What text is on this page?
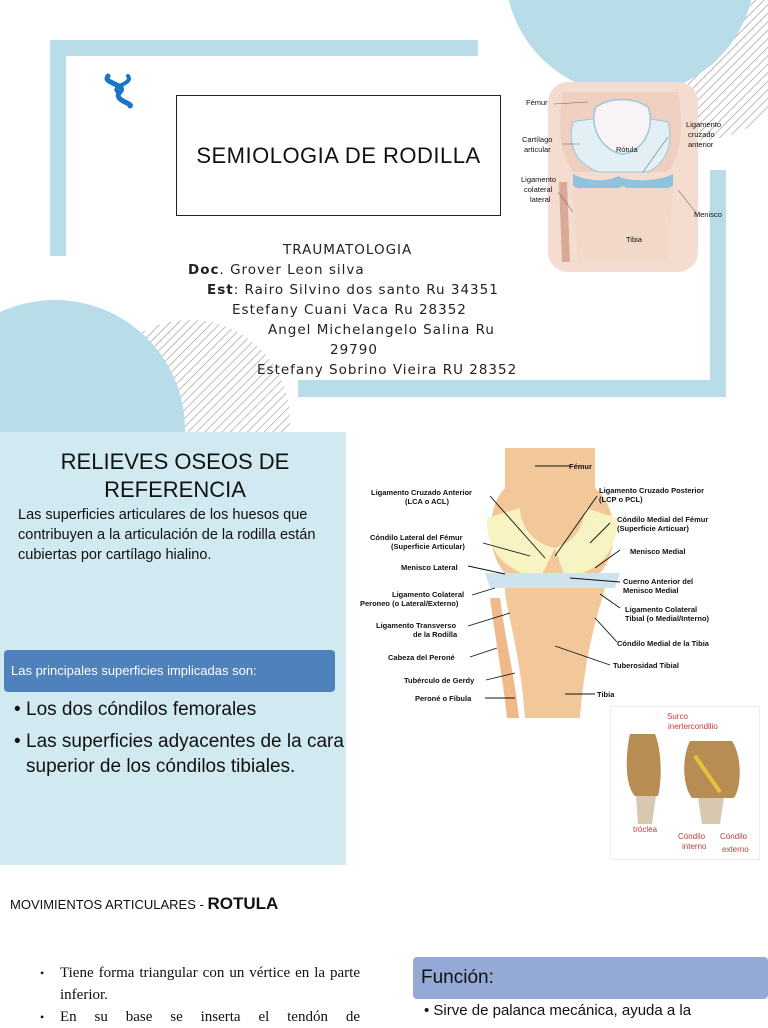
SEMIOLOGIA DE RODILLA
TRAUMATOLOGIA
Doc. Grover Leon silva
Est: Rairo Silvino dos santo Ru 34351
Estefany Cuani Vaca Ru 28352
Angel Michelangelo Salina Ru
29790
Estefany Sobrino Vieira RU 28352
Fémur
Cartílago
articular	Rótula
Ligamento
cruzado
anterior
Ligamento
colateral
lateral
Menisco
Tibia
RELIEVES OSEOS DE
REFERENCIA
Las superficies articulares de los huesos que contribuyen a la articulación de la rodilla están cubiertas por cartílago hialino.
Las principales superficies implicadas son:
• Los dos cóndilos femorales
• Las superficies adyacentes de la cara superior de los cóndilos tibiales.
Fémur
Ligamento Cruzado Anterior
(LCA o ACL)
Ligamento Cruzado Posterior
(LCP o PCL)
Cóndilo Medial del Fémur
(Superficie Articuar)
Cóndilo Lateral del Fémur
(Superficie Articular)
Menisco Medial
Menisco Lateral
Cuerno Anterior del
Menisco Medial
Ligamento Colateral
Peroneo (o Lateral/Externo)
Ligamento Colateral
Tibial (o Medial/Interno)
Ligamento Transverso
de la Rodilla
Cóndilo Medial de la Tibia
Cabeza del Peroné
Tuberosidad Tibial
Tubérculo de Gerdy
Tibia
Peroné o Fíbula
Surco
inertercondilio
tróclea
Cóndilo
interno
Cóndilo
externo
MOVIMIENTOS ARTICULARES - ROTULA
•	Tiene forma triangular con un vértice en la parte inferior.
•	En su base se inserta el tendón de
Función:
• Sirve de palanca mecánica, ayuda a la
